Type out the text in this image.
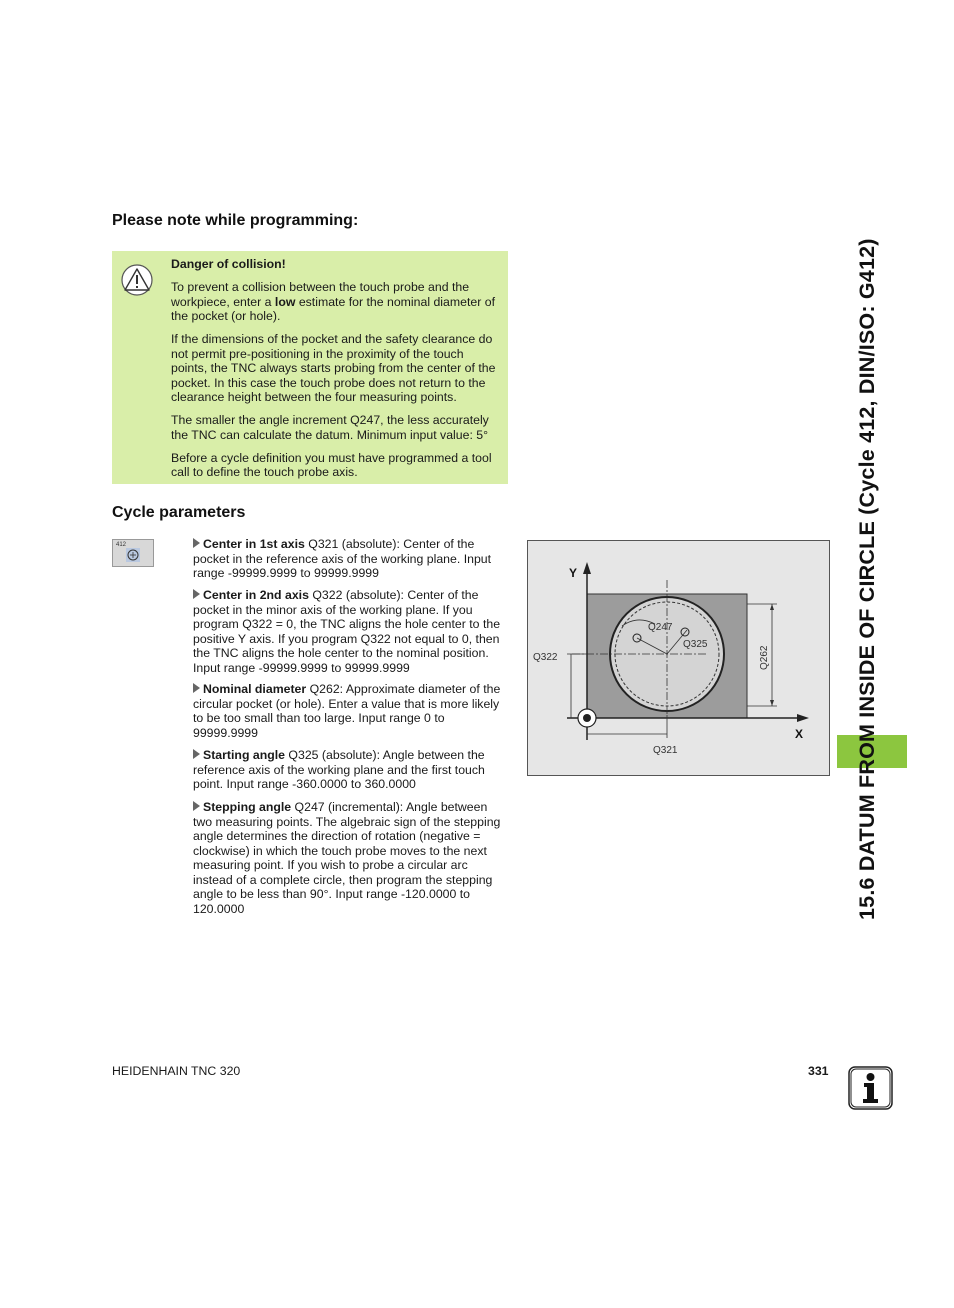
Please note while programming:

Danger of collision!

To prevent a collision between the touch probe and the workpiece, enter a low estimate for the nominal diameter of the pocket (or hole).

If the dimensions of the pocket and the safety clearance do not permit pre-positioning in the proximity of the touch points, the TNC always starts probing from the center of the pocket. In this case the touch probe does not return to the clearance height between the four measuring points.

The smaller the angle increment Q247, the less accurately the TNC can calculate the datum. Minimum input value: 5°

Before a cycle definition you must have programmed a tool call to define the touch probe axis.

Cycle parameters
412	Center in 1st axis Q321 (absolute): Center of the pocket in the reference axis of the working plane. Input range -99999.9999 to 99999.9999
Center in 2nd axis Q322 (absolute): Center of the pocket in the minor axis of the working plane. If you program Q322 = 0, the TNC aligns the hole center to the positive Y axis. If you program Q322 not equal to 0, then the TNC aligns the hole center to the nominal position. Input range -99999.9999 to 99999.9999
Nominal diameter Q262: Approximate diameter of the circular pocket (or hole). Enter a value that is more likely to be too small than too large. Input range 0 to 99999.9999
Starting angle Q325 (absolute): Angle between the reference axis of the working plane and the first touch point. Input range -360.0000 to 360.0000
Stepping angle Q247 (incremental): Angle between two measuring points. The algebraic sign of the stepping angle determines the direction of rotation (negative = clockwise) in which the touch probe moves to the next measuring point. If you wish to probe a circular arc instead of a complete circle, then program the stepping angle to be less than 90°. Input range -120.0000 to 120.0000
Y
X
Q247
Q325
Q322	Q262
Q321	15.6 DATUM FROM INSIDE OF CIRCLE (Cycle 412, DIN/ISO: G412)
HEIDENHAIN TNC 320	331
